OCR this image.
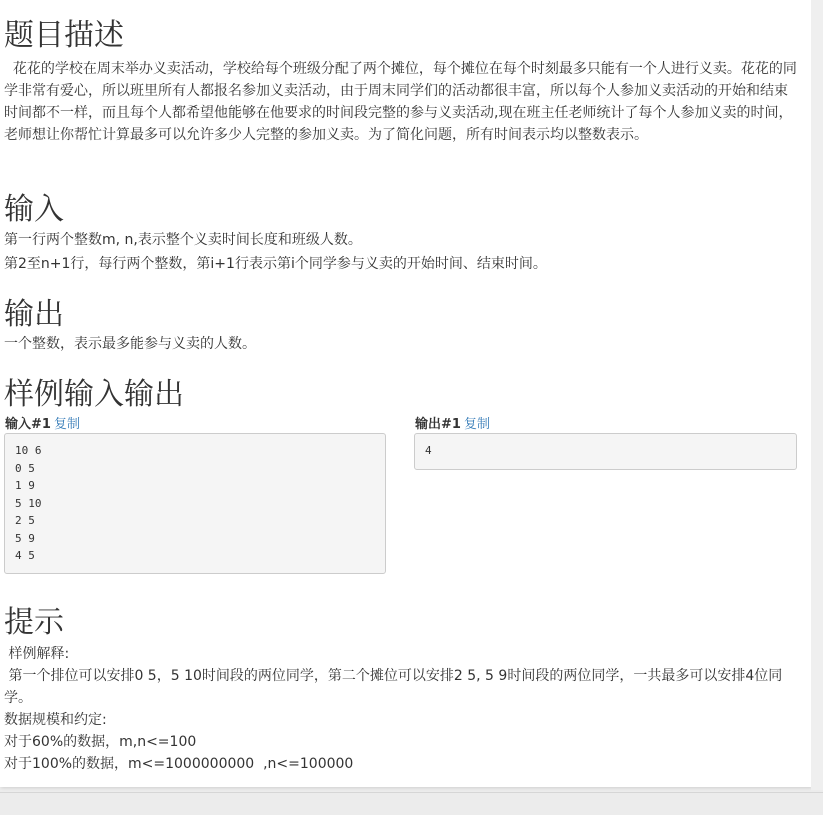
题目描述

花花的学校在周末举办义卖活动，学校给每个班级分配了两个摊位，每个摊位在每个时刻最多只能有一个人进行义卖。花花的同学非常有爱心，所以班里所有人都报名参加义卖活动，由于周末同学们的活动都很丰富，所以每个人参加义卖活动的开始和结束时间都不一样，而且每个人都希望他能够在他要求的时间段完整的参与义卖活动,现在班主任老师统计了每个人参加义卖的时间，老师想让你帮忙计算最多可以允许多少人完整的参加义卖。为了简化问题，所有时间表示均以整数表示。

输入

第一行两个整数m, n,表示整个义卖时间长度和班级人数。

第2至n+1行，每行两个整数，第i+1行表示第i个同学参与义卖的开始时间、结束时间。

输出

一个整数，表示最多能参与义卖的人数。

样例输入输出
输入#1 复制
10 6
0 5
1 9
5 10
2 5
5 9
4 5
输出#1 复制
4
提示

样例解释:

第一个排位可以安排0 5，5 10时间段的两位同学，第二个摊位可以安排2 5, 5 9时间段的两位同学，一共最多可以安排4位同学。

数据规模和约定:

对于60%的数据，m,n<=100

对于100%的数据，m<=1000000000  ,n<=100000
